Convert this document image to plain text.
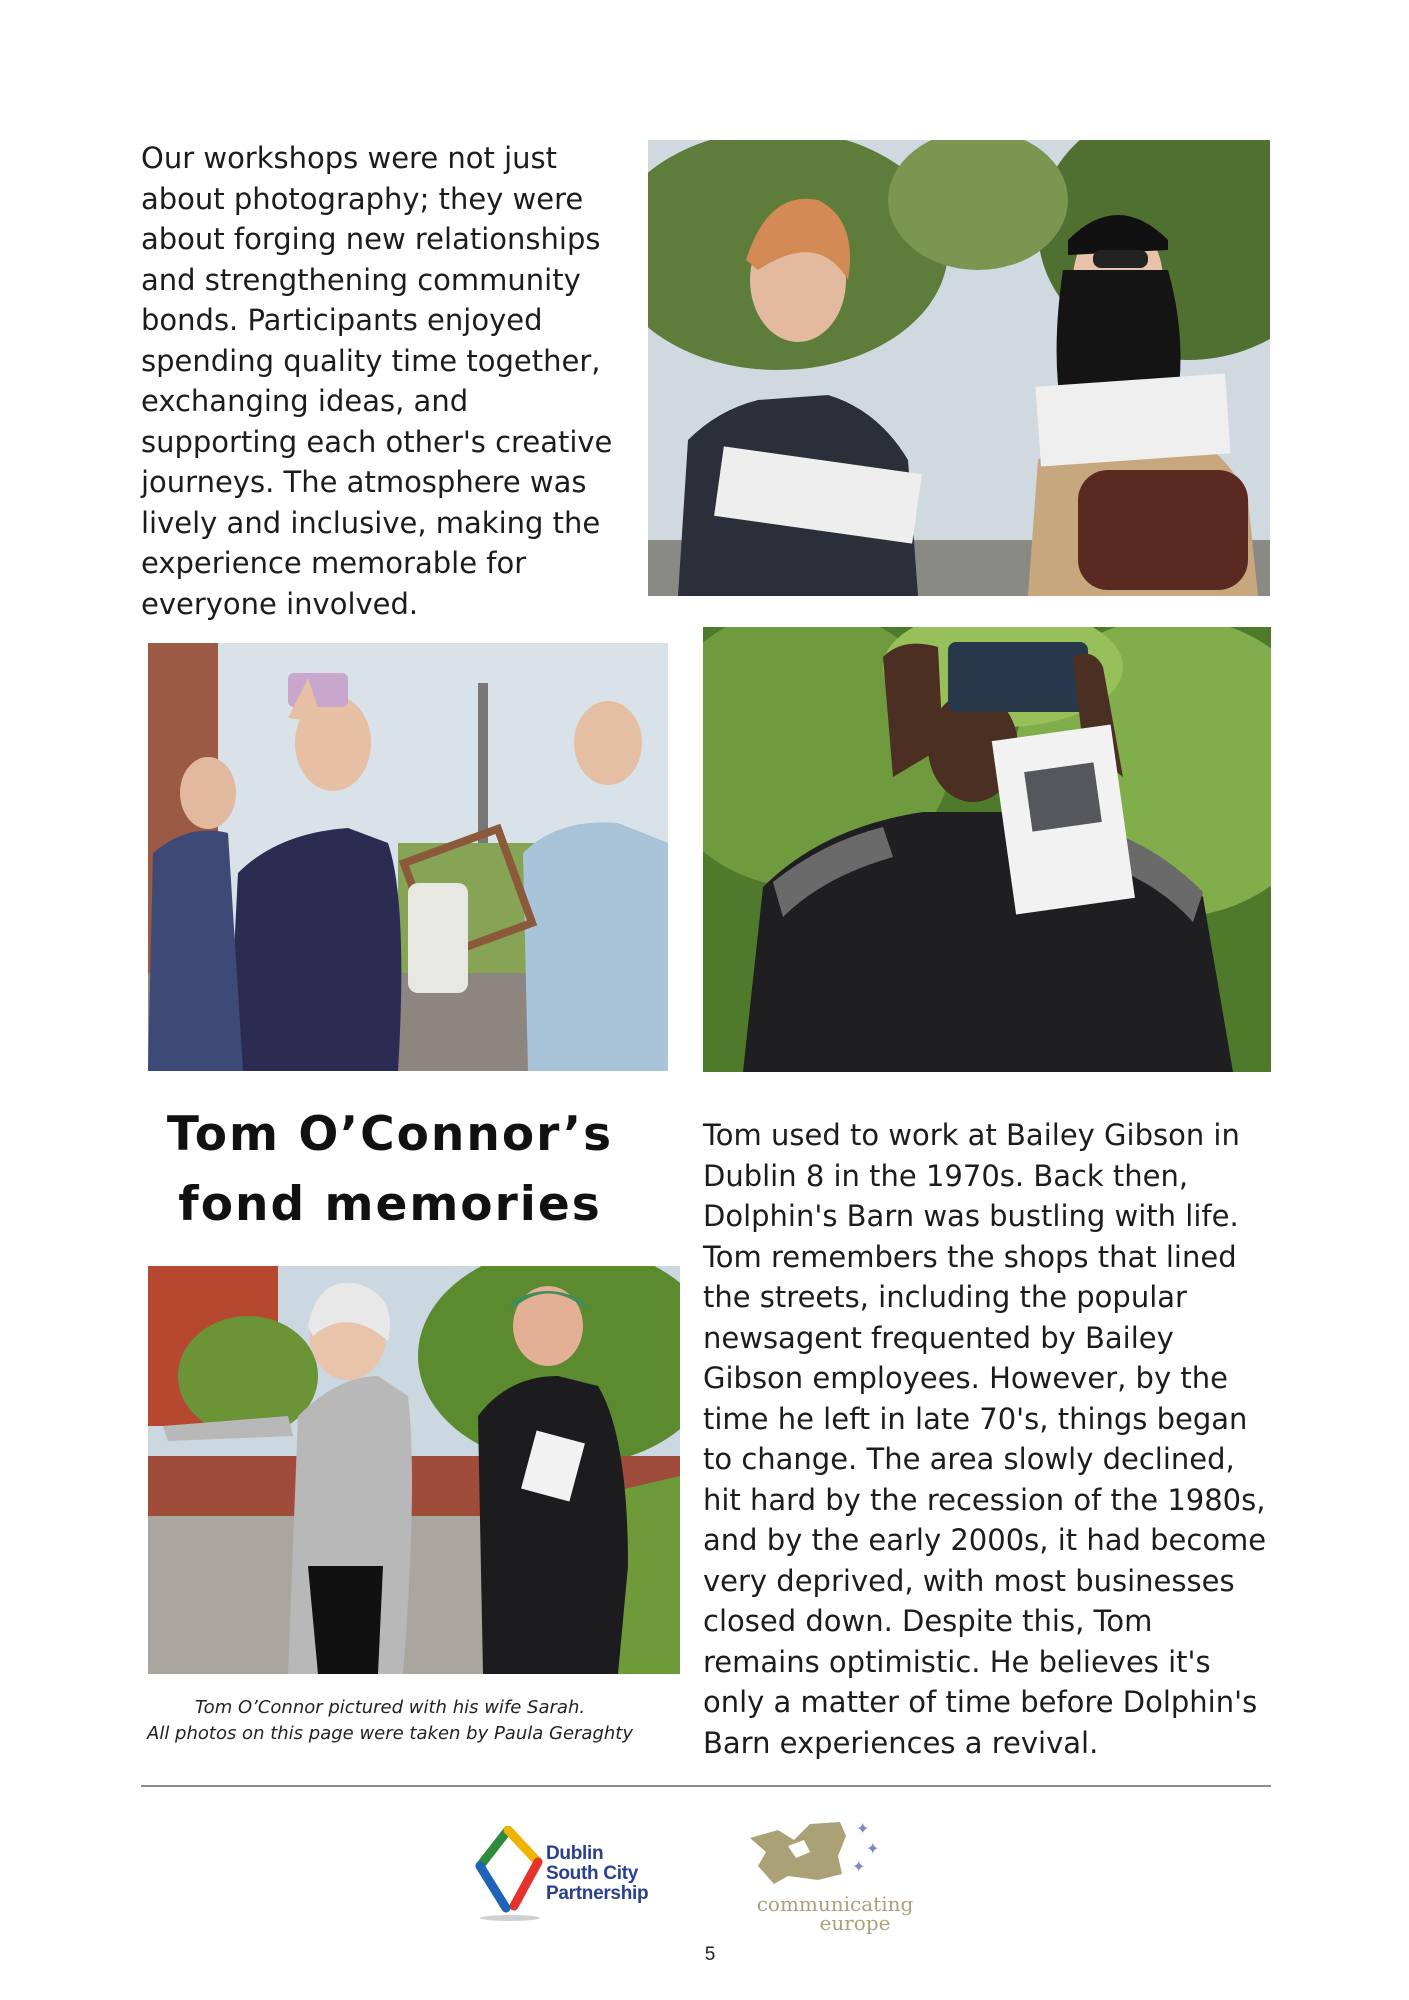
Our workshops were not just

about photography; they were

about forging new relationships

and strengthening community

bonds. Participants enjoyed

spending quality time together,

exchanging ideas, and

supporting each other's creative

journeys. The atmosphere was

lively and inclusive, making the

experience memorable for

everyone involved.

Tom O’Connor’s

fond memories

Tom O’Connor pictured with his wife Sarah.

All photos on this page were taken by Paula Geraghty

Tom used to work at Bailey Gibson in

Dublin 8 in the 1970s. Back then,

Dolphin's Barn was bustling with life.

Tom remembers the shops that lined

the streets, including the popular

newsagent frequented by Bailey

Gibson employees. However, by the

time he left in late 70's, things began

to change. The area slowly declined,

hit hard by the recession of the 1980s,

and by the early 2000s, it had become

very deprived, with most businesses

closed down. Despite this, Tom

remains optimistic. He believes it's

only a matter of time before Dolphin's

Barn experiences a revival.

Dublin
South City
Partnership
✦
✦
✦
communicating
europe
5
